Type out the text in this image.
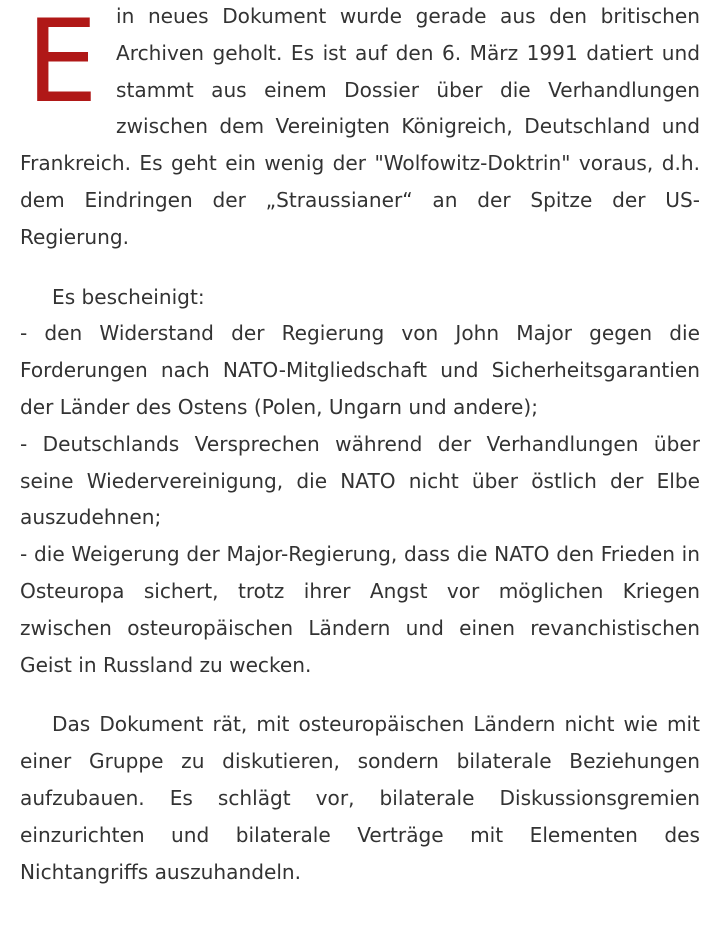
Ein neues Dokument wurde gerade aus den britischen Archiven geholt. Es ist auf den 6. März 1991 datiert und stammt aus einem Dossier über die Verhandlungen zwischen dem Vereinigten Königreich, Deutschland und Frankreich. Es geht ein wenig der "Wolfowitz-Doktrin" voraus, d.h. dem Eindringen der „Straussianer“ an der Spitze der US-Regierung.

Es bescheinigt:

- den Widerstand der Regierung von John Major gegen die Forderungen nach NATO-Mitgliedschaft und Sicherheitsgarantien der Länder des Ostens (Polen, Ungarn und andere);

- Deutschlands Versprechen während der Verhandlungen über seine Wiedervereinigung, die NATO nicht über östlich der Elbe auszudehnen;

- die Weigerung der Major-Regierung, dass die NATO den Frieden in Osteuropa sichert, trotz ihrer Angst vor möglichen Kriegen zwischen osteuropäischen Ländern und einen revanchistischen Geist in Russland zu wecken.

Das Dokument rät, mit osteuropäischen Ländern nicht wie mit einer Gruppe zu diskutieren, sondern bilaterale Beziehungen aufzubauen. Es schlägt vor, bilaterale Diskussionsgremien einzurichten und bilaterale Verträge mit Elementen des Nichtangriffs auszuhandeln.
